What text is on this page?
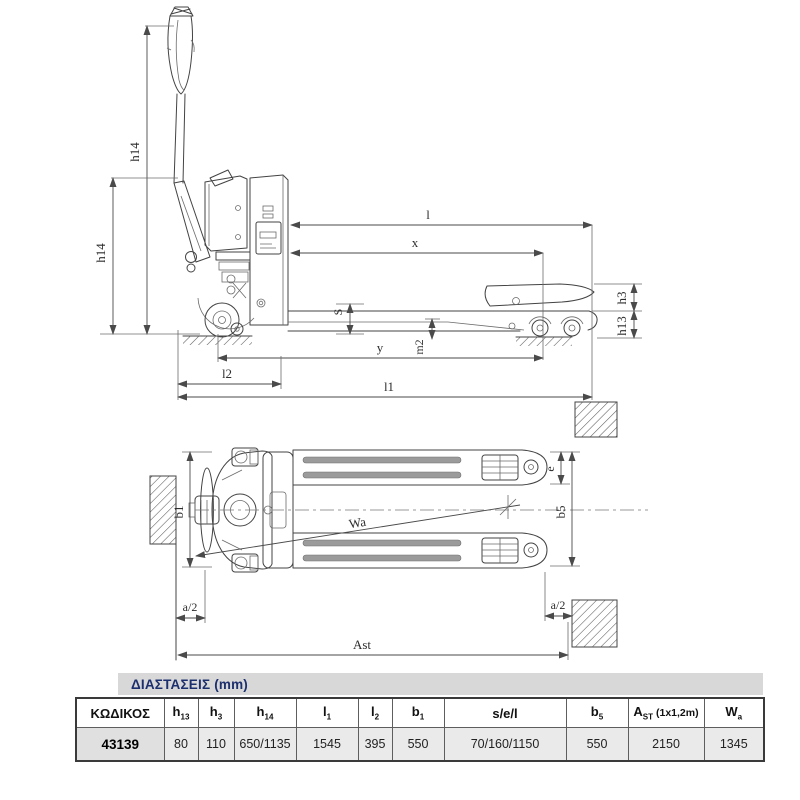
h14
h14
l
x
S
m2
y
l2
l1
h3
h13
Wa
b1
a/2
Ast
e
b5
a/2
ΔΙΑΣΤΑΣΕΙΣ (mm)
ΚΩΔΙΚΟΣ	$h_{13}$	$h_3$	$h_{14}$	$l_1$	$l_2$	$b_1$	s/e/l	$b_5$	$A_{ST}$ (1x1,2m)	$W_a$
43139	80	110	650/1135	1545	395	550	70/160/1150	550	2150	1345
